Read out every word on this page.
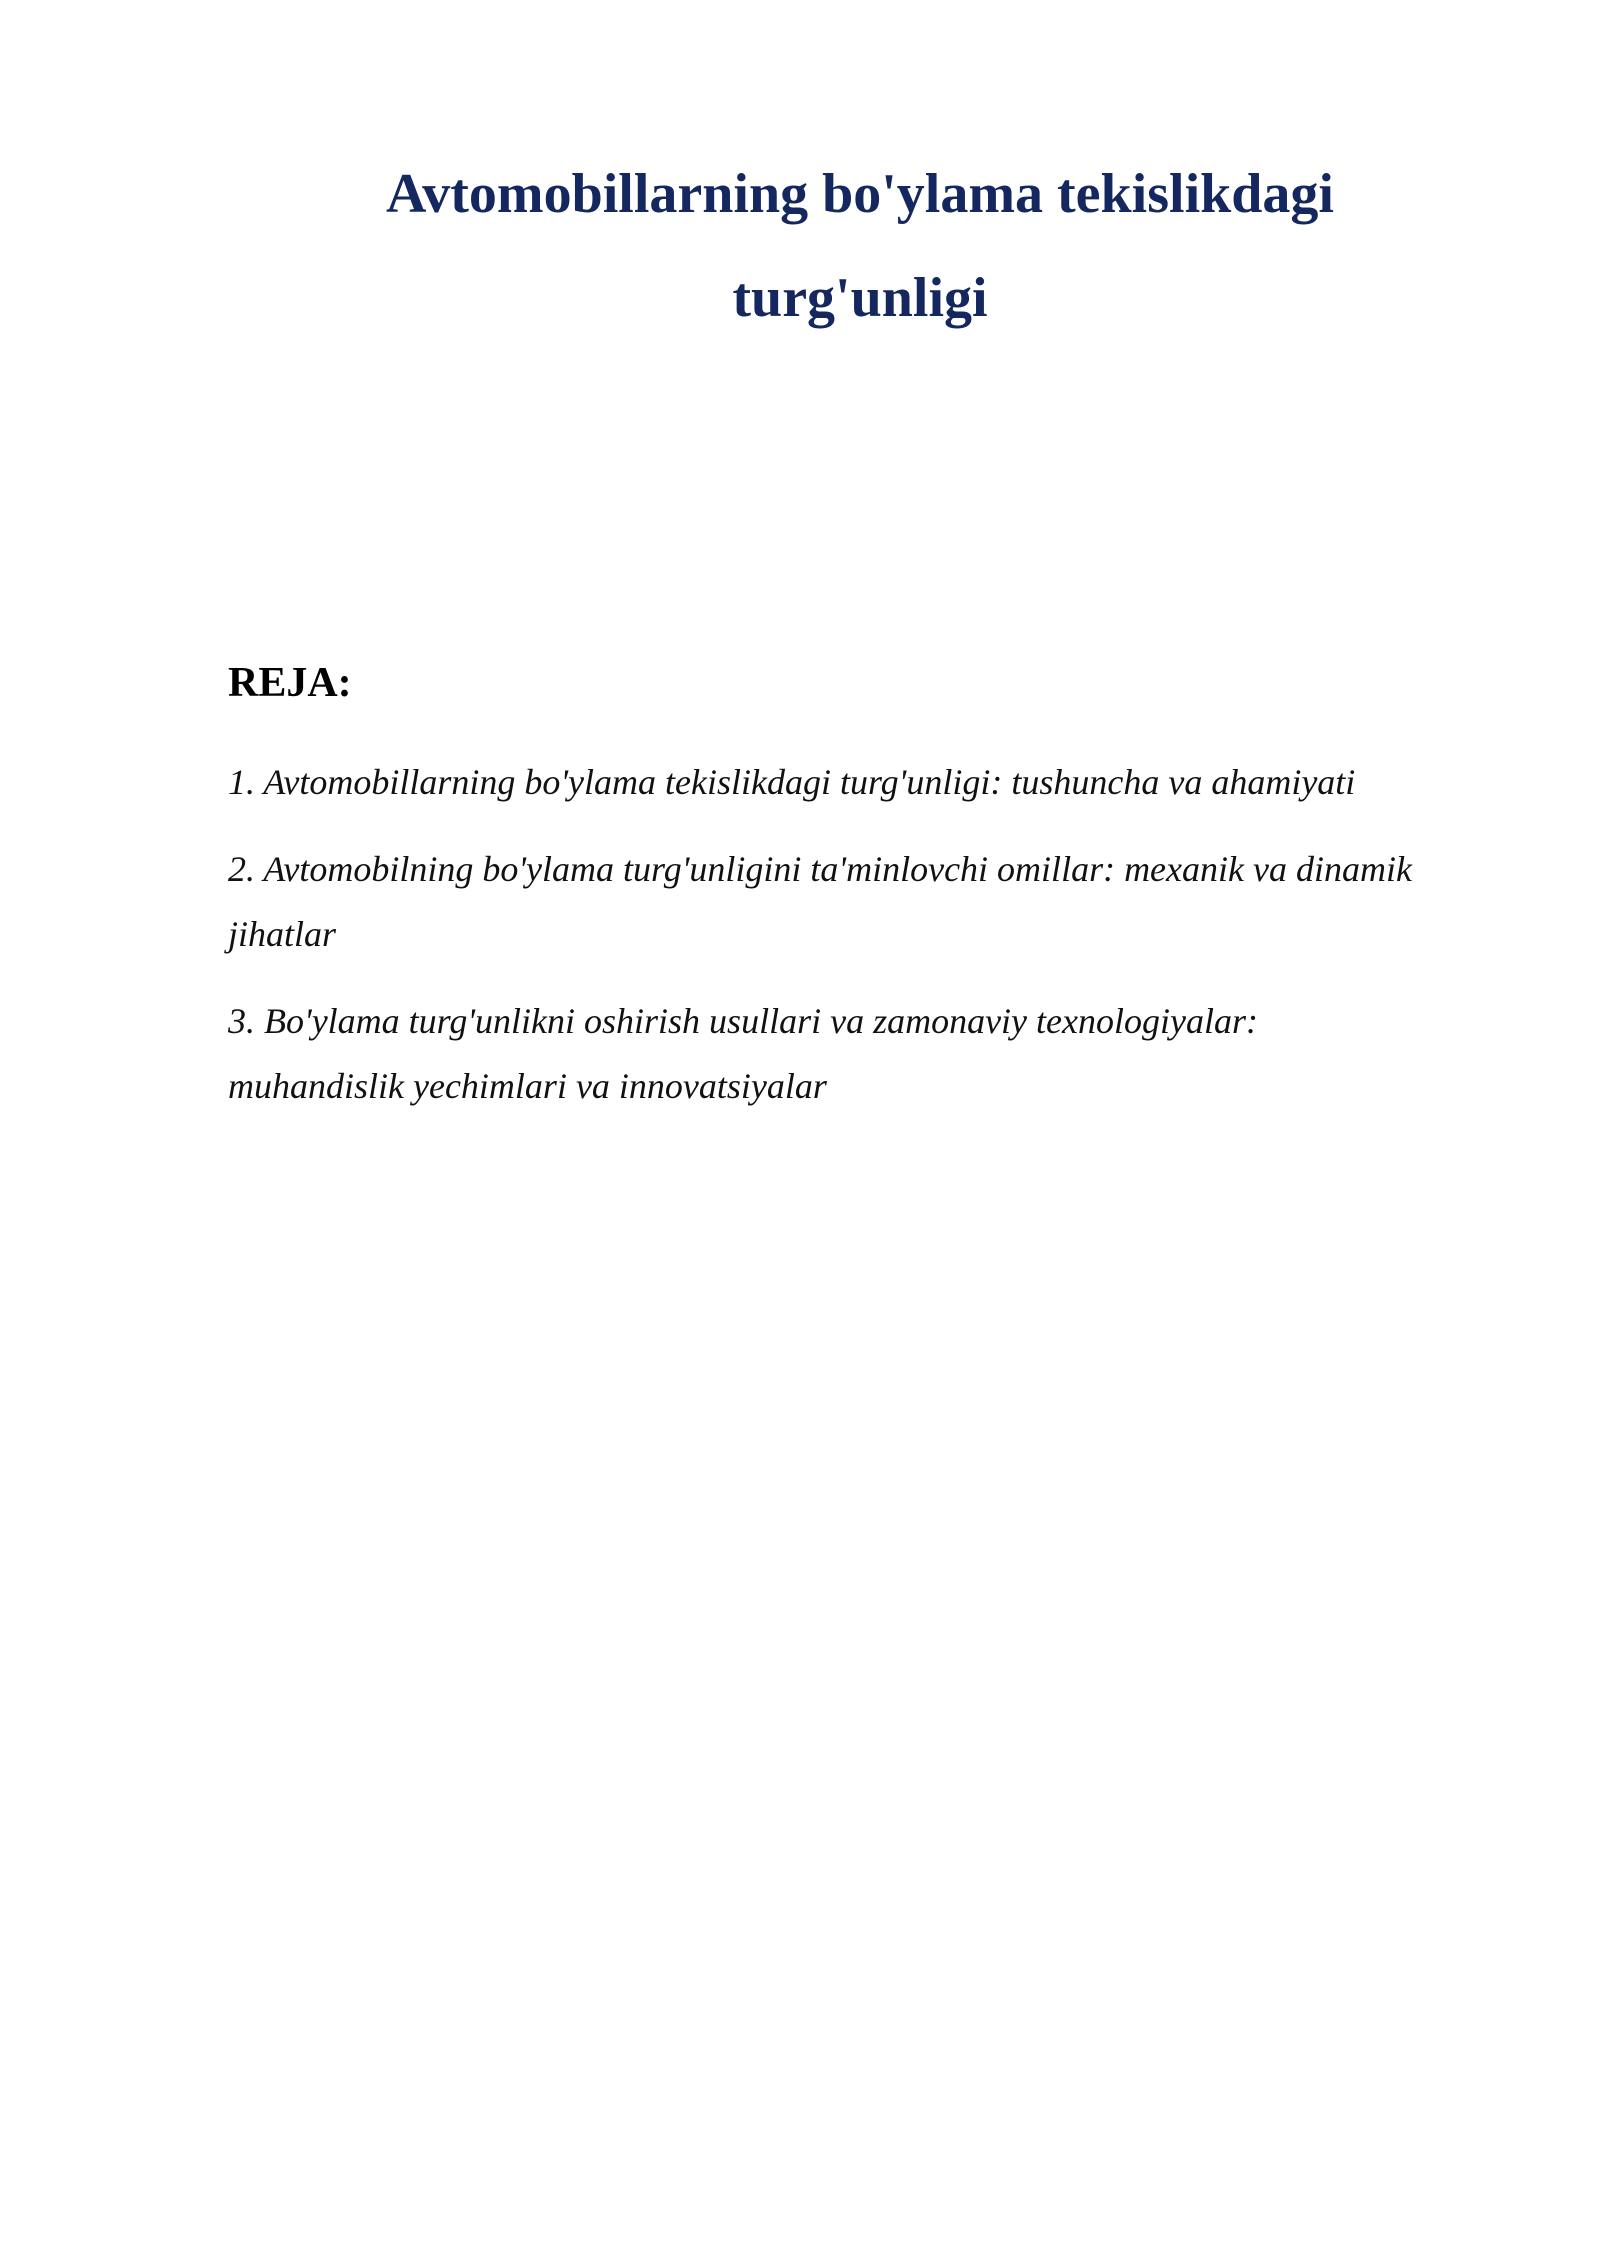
Avtomobillarning bo'ylama tekislikdagi
turg'unligi
REJA:
1. Avtomobillarning bo'ylama tekislikdagi turg'unligi: tushuncha va ahamiyati
2. Avtomobilning bo'ylama turg'unligini ta'minlovchi omillar: mexanik va dinamik
jihatlar
3. Bo'ylama turg'unlikni oshirish usullari va zamonaviy texnologiyalar:
muhandislik yechimlari va innovatsiyalar
